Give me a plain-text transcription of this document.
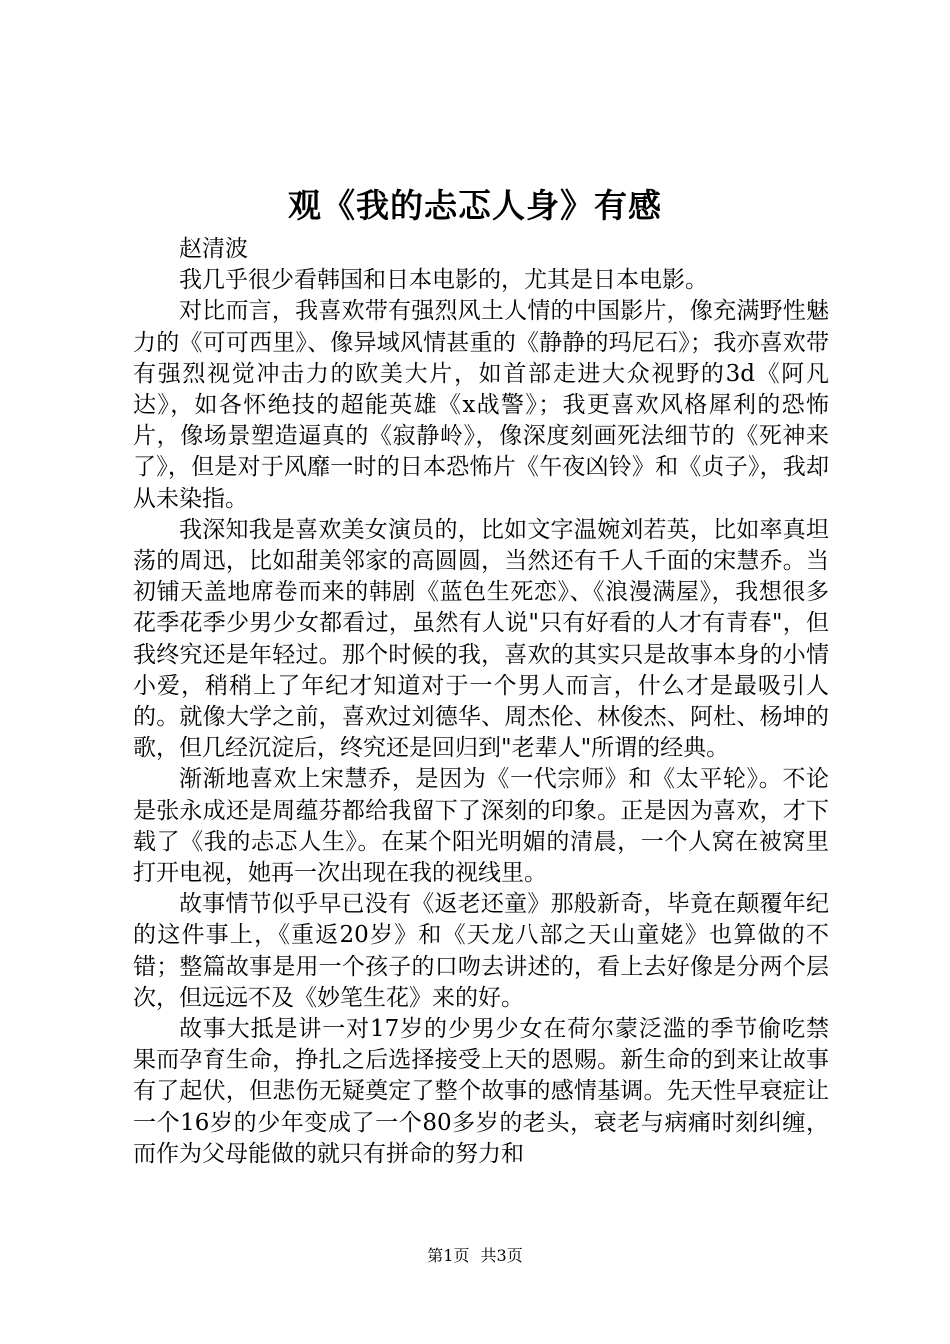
观《我的忐忑人身》有感

赵清波

我几乎很少看韩国和日本电影的，尤其是日本电影。

对比而言，我喜欢带有强烈风土人情的中国影片，像充满野性魅力的《可可西里》、像异域风情甚重的《静静的玛尼石》；我亦喜欢带有强烈视觉冲击力的欧美大片，如首部走进大众视野的3d《阿凡达》，如各怀绝技的超能英雄《x战警》；我更喜欢风格犀利的恐怖片，像场景塑造逼真的《寂静岭》，像深度刻画死法细节的《死神来了》，但是对于风靡一时的日本恐怖片《午夜凶铃》和《贞子》，我却从未染指。

我深知我是喜欢美女演员的，比如文字温婉刘若英，比如率真坦荡的周迅，比如甜美邻家的高圆圆，当然还有千人千面的宋慧乔。当初铺天盖地席卷而来的韩剧《蓝色生死恋》、《浪漫满屋》，我想很多花季花季少男少女都看过，虽然有人说"只有好看的人才有青春"，但我终究还是年轻过。那个时候的我，喜欢的其实只是故事本身的小情小爱，稍稍上了年纪才知道对于一个男人而言，什么才是最吸引人的。就像大学之前，喜欢过刘德华、周杰伦、林俊杰、阿杜、杨坤的歌，但几经沉淀后，终究还是回归到"老辈人"所谓的经典。

渐渐地喜欢上宋慧乔，是因为《一代宗师》和《太平轮》。不论是张永成还是周蕴芬都给我留下了深刻的印象。正是因为喜欢，才下载了《我的忐忑人生》。在某个阳光明媚的清晨，一个人窝在被窝里打开电视，她再一次出现在我的视线里。

故事情节似乎早已没有《返老还童》那般新奇，毕竟在颠覆年纪的这件事上，《重返20岁》和《天龙八部之天山童姥》也算做的不错；整篇故事是用一个孩子的口吻去讲述的，看上去好像是分两个层次，但远远不及《妙笔生花》来的好。

故事大抵是讲一对17岁的少男少女在荷尔蒙泛滥的季节偷吃禁果而孕育生命，挣扎之后选择接受上天的恩赐。新生命的到来让故事有了起伏，但悲伤无疑奠定了整个故事的感情基调。先天性早衰症让一个16岁的少年变成了一个80多岁的老头，衰老与病痛时刻纠缠，而作为父母能做的就只有拼命的努力和

第1页 共3页
